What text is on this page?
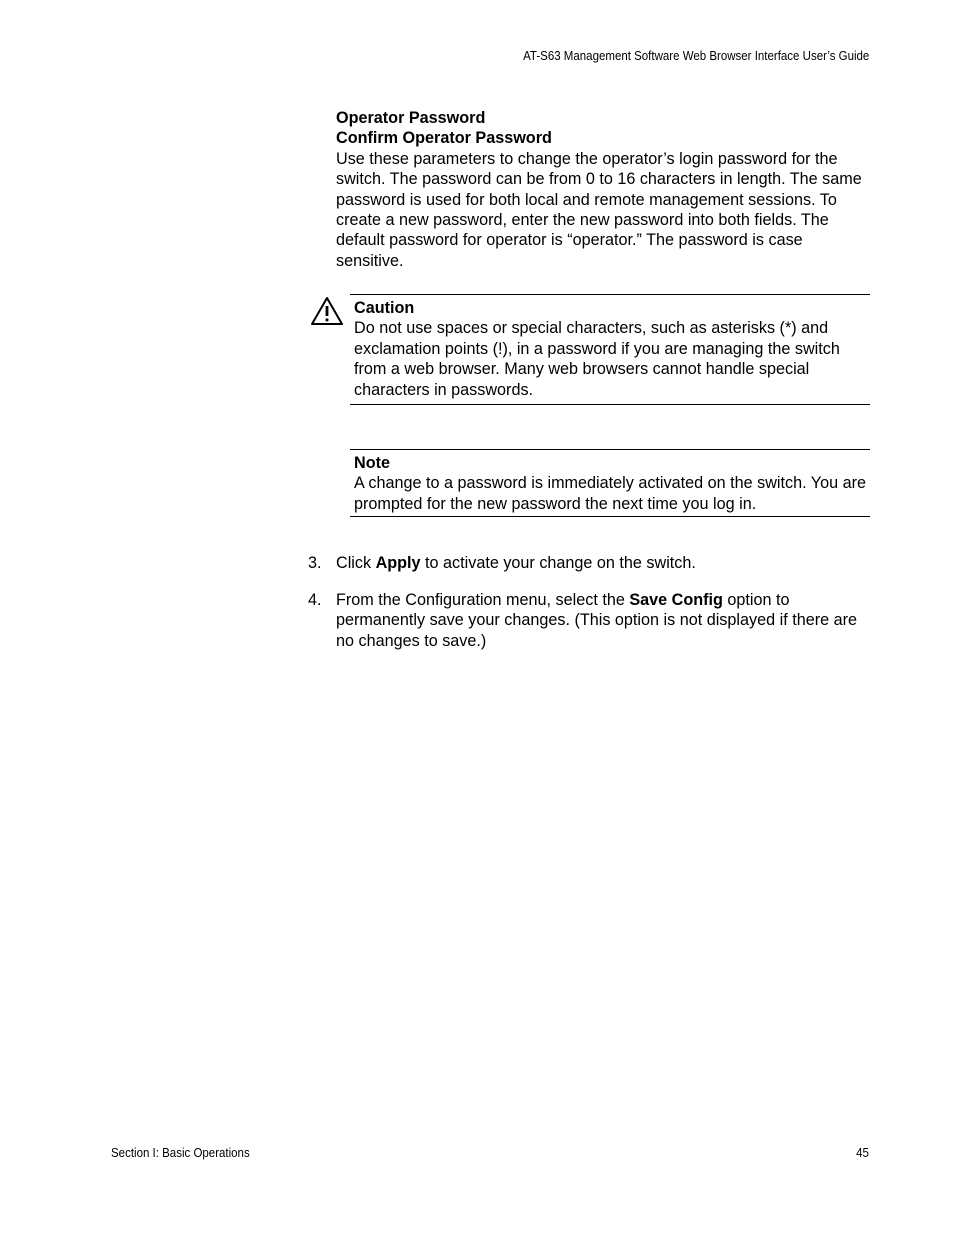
AT-S63 Management Software Web Browser Interface User’s Guide
Operator Password
Confirm Operator Password
Use these parameters to change the operator’s login password for the switch. The password can be from 0 to 16 characters in length. The same password is used for both local and remote management sessions. To create a new password, enter the new password into both fields. The default password for operator is “operator.” The password is case sensitive.
Caution
Do not use spaces or special characters, such as asterisks (*) and exclamation points (!), in a password if you are managing the switch from a web browser. Many web browsers cannot handle special characters in passwords.
Note
A change to a password is immediately activated on the switch. You are prompted for the new password the next time you log in.
3. Click Apply to activate your change on the switch.
4. From the Configuration menu, select the Save Config option to permanently save your changes. (This option is not displayed if there are no changes to save.)
Section I: Basic Operations	45
